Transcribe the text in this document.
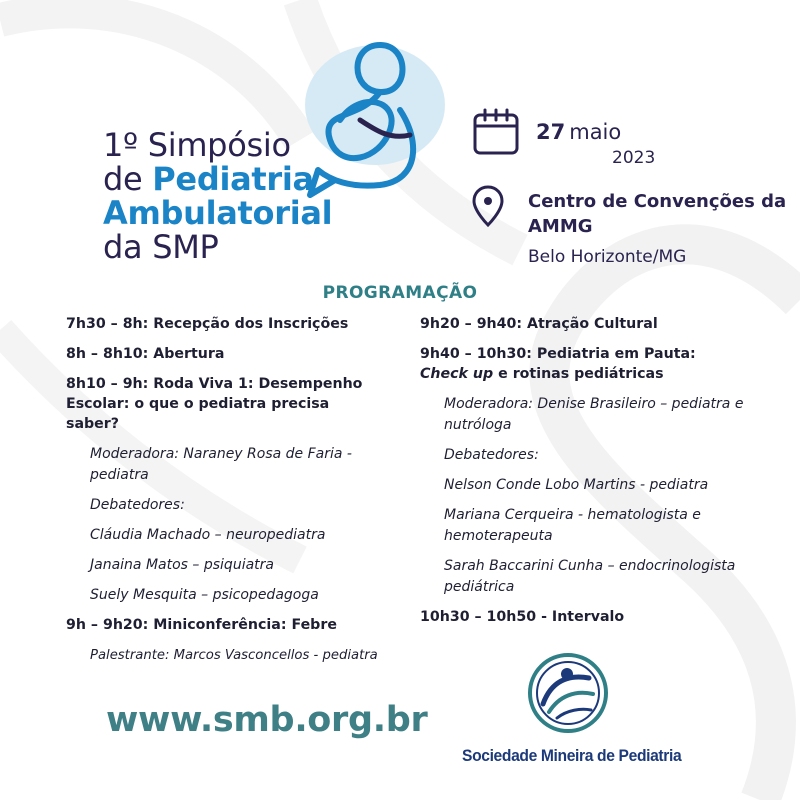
1º Simpósio
de Pediatria
Ambulatorial
da SMP
27 maio
2023
Centro de Convenções da AMMG
Belo Horizonte/MG
PROGRAMAÇÃO
7h30 – 8h: Recepção dos Inscrições
8h – 8h10: Abertura
8h10 – 9h: Roda Viva 1: Desempenho Escolar: o que o pediatra precisa saber?
Moderadora: Naraney Rosa de Faria - pediatra
Debatedores:
Cláudia Machado – neuropediatra
Janaina Matos – psiquiatra
Suely Mesquita – psicopedagoga
9h – 9h20: Miniconferência: Febre
Palestrante: Marcos Vasconcellos - pediatra
9h20 – 9h40: Atração Cultural
9h40 – 10h30: Pediatria em Pauta:
Check up e rotinas pediátricas
Moderadora: Denise Brasileiro – pediatra e nutróloga
Debatedores:
Nelson Conde Lobo Martins - pediatra
Mariana Cerqueira - hematologista e hemoterapeuta
Sarah Baccarini Cunha – endocrinologista pediátrica
10h30 – 10h50 - Intervalo
www.smb.org.br
Sociedade Mineira de Pediatria
